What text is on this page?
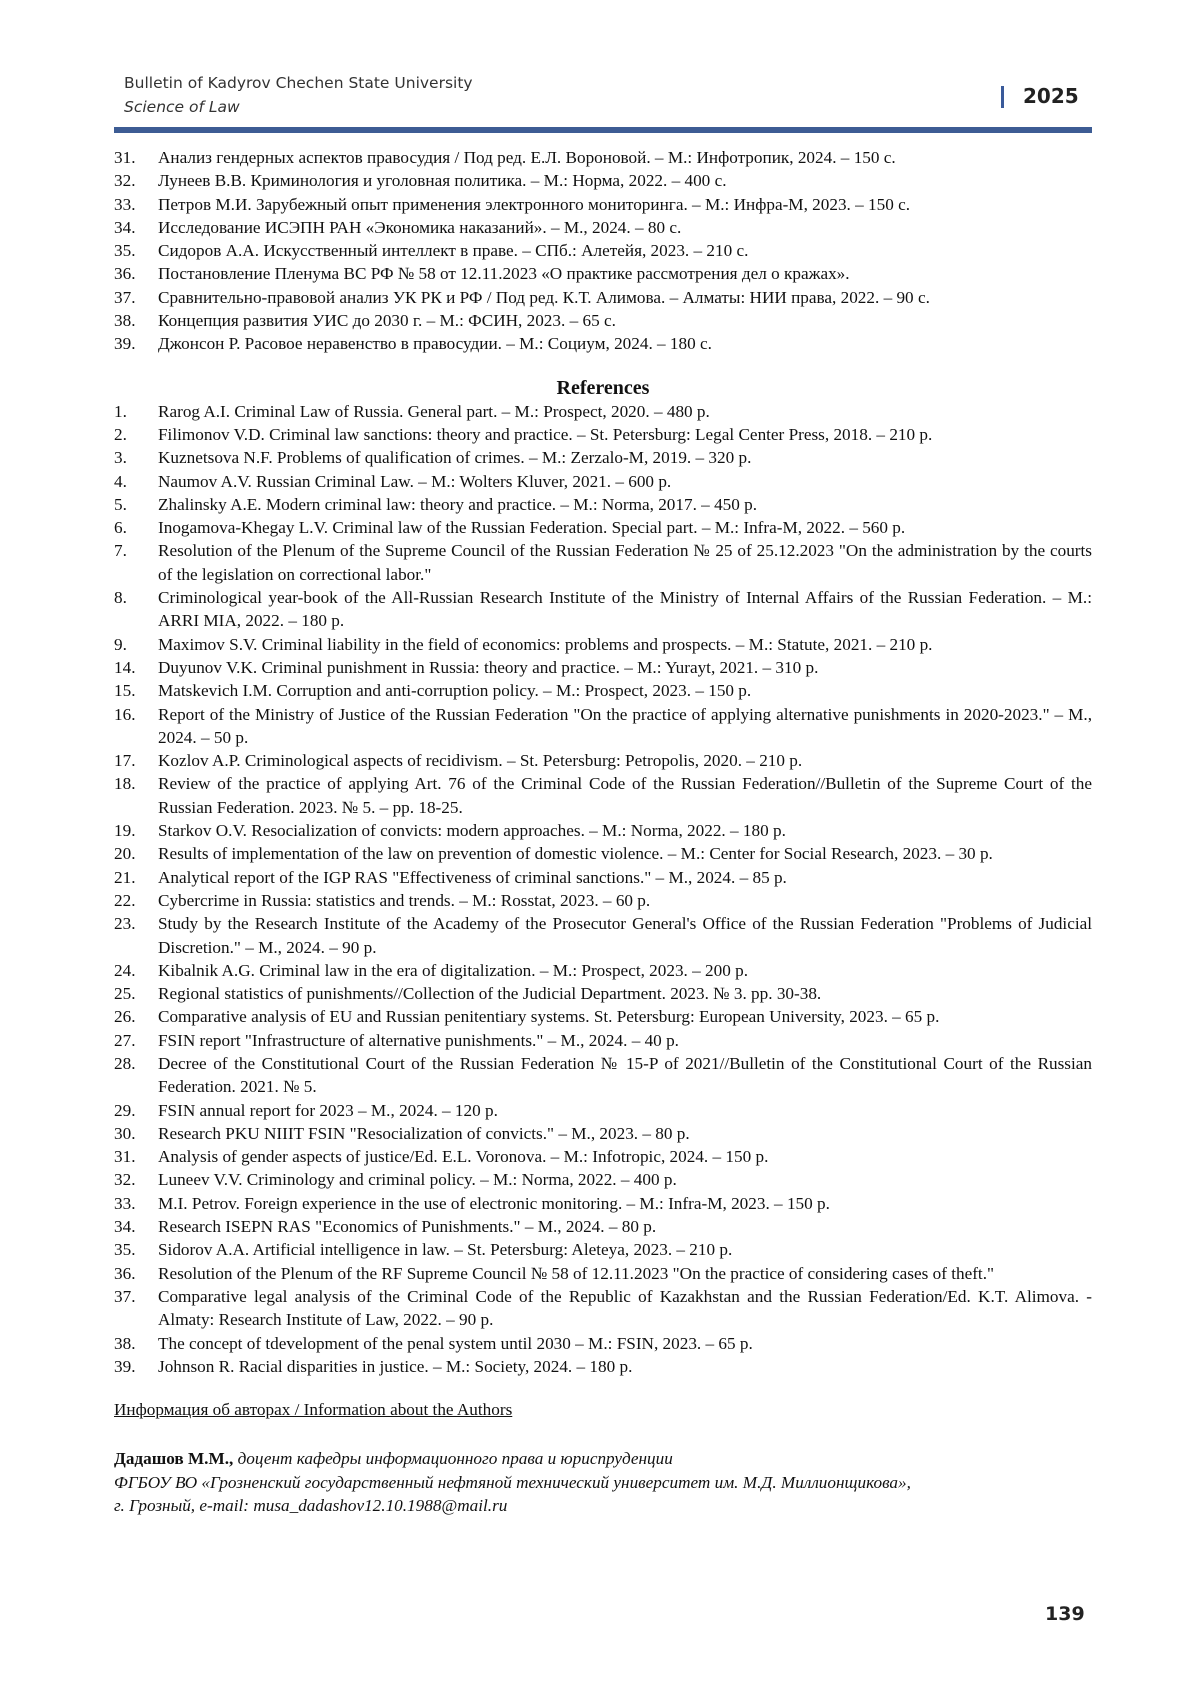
Bulletin of Kadyrov Chechen State University
Science of Law	2025
31.	Анализ гендерных аспектов правосудия / Под ред. Е.Л. Вороновой. – М.: Инфотропик, 2024. – 150 с.
32.	Лунеев В.В. Криминология и уголовная политика. – М.: Норма, 2022. – 400 с.
33.	Петров М.И. Зарубежный опыт применения электронного мониторинга. – М.: Инфра-М, 2023. – 150 с.
34.	Исследование ИСЭПН РАН «Экономика наказаний». – М., 2024. – 80 с.
35.	Сидоров А.А. Искусственный интеллект в праве. – СПб.: Алетейя, 2023. – 210 с.
36.	Постановление Пленума ВС РФ № 58 от 12.11.2023 «О практике рассмотрения дел о кражах».
37.	Сравнительно-правовой анализ УК РК и РФ / Под ред. К.Т. Алимова. – Алматы: НИИ права, 2022. – 90 с.
38.	Концепция развития УИС до 2030 г. – М.: ФСИН, 2023. – 65 с.
39.	Джонсон Р. Расовое неравенство в правосудии. – М.: Социум, 2024. – 180 с.
References
1.	Rarog A.I. Criminal Law of Russia. General part. – M.: Prospect, 2020. – 480 p.
2.	Filimonov V.D. Criminal law sanctions: theory and practice. – St. Petersburg: Legal Center Press, 2018. – 210 p.
3.	Kuznetsova N.F. Problems of qualification of crimes. – M.: Zerzalo-M, 2019. – 320 p.
4.	Naumov A.V. Russian Criminal Law. – M.: Wolters Kluver, 2021. – 600 p.
5.	Zhalinsky A.E. Modern criminal law: theory and practice. – M.: Norma, 2017. – 450 p.
6.	Inogamova-Khegay L.V. Criminal law of the Russian Federation. Special part. – M.: Infra-M, 2022. – 560 p.
7.	Resolution of the Plenum of the Supreme Council of the Russian Federation № 25 of 25.12.2023 "On the administration by the courts of the legislation on correctional labor."
8.	Criminological year-book of the All-Russian Research Institute of the Ministry of Internal Affairs of the Russian Federation. – M.: ARRI MIA, 2022. – 180 p.
9.	Maximov S.V. Criminal liability in the field of economics: problems and prospects. – M.: Statute, 2021. – 210 p.
14.	Duyunov V.K. Criminal punishment in Russia: theory and practice. – M.: Yurayt, 2021. – 310 p.
15.	Matskevich I.M. Corruption and anti-corruption policy. – M.: Prospect, 2023. – 150 p.
16.	Report of the Ministry of Justice of the Russian Federation "On the practice of applying alternative punishments in 2020-2023." – M., 2024. – 50 p.
17.	Kozlov A.P. Criminological aspects of recidivism. – St. Petersburg: Petropolis, 2020. – 210 p.
18.	Review of the practice of applying Art. 76 of the Criminal Code of the Russian Federation//Bulletin of the Supreme Court of the Russian Federation. 2023. № 5. – pp. 18-25.
19.	Starkov O.V. Resocialization of convicts: modern approaches. – M.: Norma, 2022. – 180 p.
20.	Results of implementation of the law on prevention of domestic violence. – M.: Center for Social Research, 2023. – 30 p.
21.	Analytical report of the IGP RAS "Effectiveness of criminal sanctions." – M., 2024. – 85 p.
22.	Cybercrime in Russia: statistics and trends. – M.: Rosstat, 2023. – 60 p.
23.	Study by the Research Institute of the Academy of the Prosecutor General's Office of the Russian Federation "Problems of Judicial Discretion." – M., 2024. – 90 p.
24.	Kibalnik A.G. Criminal law in the era of digitalization. – M.: Prospect, 2023. – 200 p.
25.	Regional statistics of punishments//Collection of the Judicial Department. 2023. № 3. pp. 30-38.
26.	Comparative analysis of EU and Russian penitentiary systems. St. Petersburg: European University, 2023. – 65 p.
27.	FSIN report "Infrastructure of alternative punishments." – M., 2024. – 40 p.
28.	Decree of the Constitutional Court of the Russian Federation № 15-P of 2021//Bulletin of the Constitutional Court of the Russian Federation. 2021. № 5.
29.	FSIN annual report for 2023 – M., 2024. – 120 p.
30.	Research PKU NIIIT FSIN "Resocialization of convicts." – M., 2023. – 80 p.
31.	Analysis of gender aspects of justice/Ed. E.L. Voronova. – M.: Infotropic, 2024. – 150 p.
32.	Luneev V.V. Criminology and criminal policy. – M.: Norma, 2022. – 400 p.
33.	M.I. Petrov. Foreign experience in the use of electronic monitoring. – M.: Infra-M, 2023. – 150 p.
34.	Research ISEPN RAS "Economics of Punishments." – M., 2024. – 80 p.
35.	Sidorov A.A. Artificial intelligence in law. – St. Petersburg: Aleteya, 2023. – 210 p.
36.	Resolution of the Plenum of the RF Supreme Council № 58 of 12.11.2023 "On the practice of considering cases of theft."
37.	Comparative legal analysis of the Criminal Code of the Republic of Kazakhstan and the Russian Federation/Ed. K.T. Alimova. - Almaty: Research Institute of Law, 2022. – 90 p.
38.	The concept of tdevelopment of the penal system until 2030 – M.: FSIN, 2023. – 65 p.
39.	Johnson R. Racial disparities in justice. – M.: Society, 2024. – 180 p.
Информация об авторах / Information about the Authors
Дадашов М.М., доцент кафедры информационного права и юриспруденции
ФГБОУ ВО «Грозненский государственный нефтяной технический университет им. М.Д. Миллионщикова»,
г. Грозный, e-mail: musa_dadashov12.10.1988@mail.ru
139
